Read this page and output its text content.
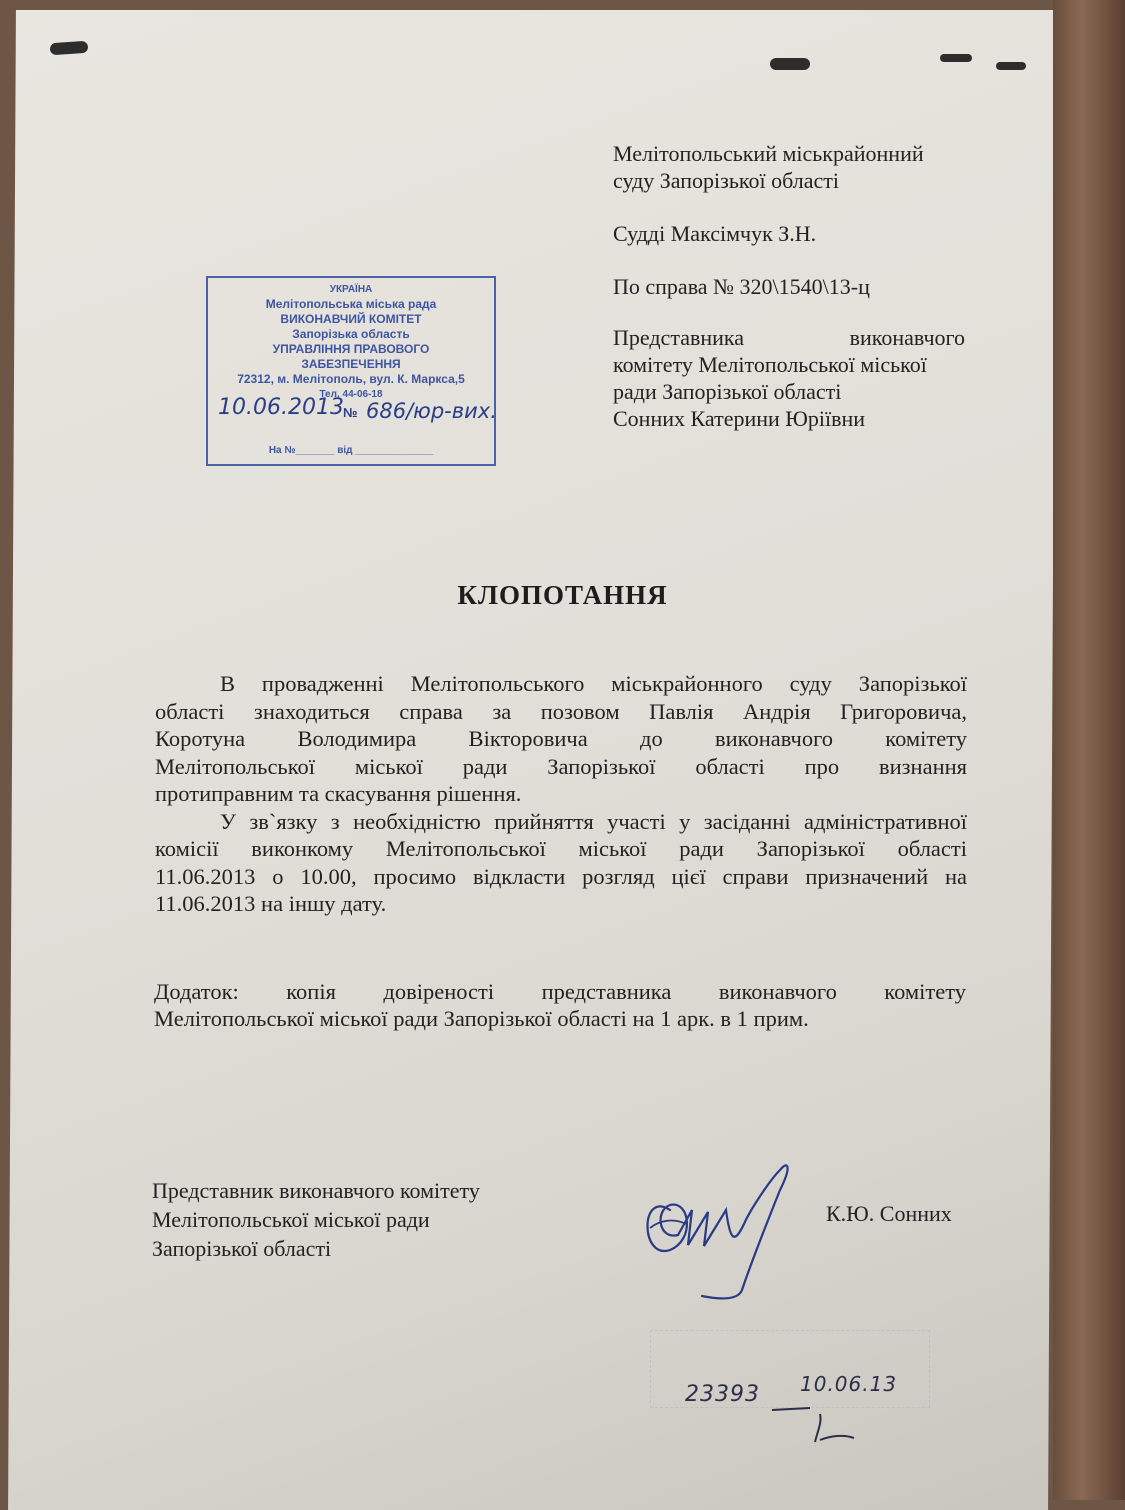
Мелітопольський міськрайонний
суду Запорізької області
Судді Максімчук З.Н.
По справа № 320\1540\13-ц
Представника виконавчого
комітету Мелітопольської міської
ради Запорізької області
Сонних Катерини Юріївни
УКРАЇНА
Мелітопольська міська рада
ВИКОНАВЧИЙ КОМІТЕТ
Запорізька область
УПРАВЛІННЯ ПРАВОВОГО
ЗАБЕЗПЕЧЕННЯ
72312, м. Мелітополь, вул. К. Маркса,5
Тел. 44-06-18
На №_______ від ______________
10.06.2013 № 686/юр-вих.
КЛОПОТАННЯ
В провадженні Мелітопольського міськрайонного суду Запорізької
області знаходиться справа за позовом Павлія Андрія Григоровича,
Коротуна Володимира Вікторовича до виконавчого комітету
Мелітопольської міської ради Запорізької області про визнання
протиправним та скасування рішення.
У зв`язку з необхідністю прийняття участі у засіданні адміністративної
комісії виконкому Мелітопольської міської ради Запорізької області
11.06.2013 о 10.00, просимо відкласти розгляд цієї справи призначений на
11.06.2013 на іншу дату.
Додаток: копія довіреності представника виконавчого комітету
Мелітопольської міської ради Запорізької області на 1 арк. в 1 прим.
Представник виконавчого комітету
Мелітопольської міської ради
Запорізької області
К.Ю. Сонних
23393 10.06.13
